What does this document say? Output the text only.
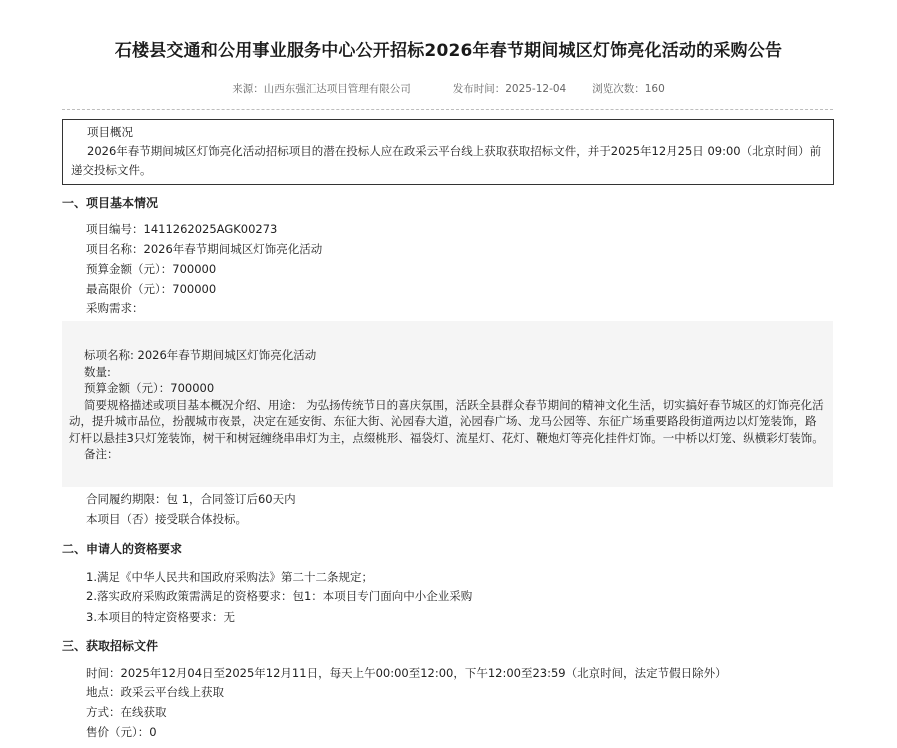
石楼县交通和公用事业服务中心公开招标2026年春节期间城区灯饰亮化活动的采购公告
来源：山西东强汇达项目管理有限公司	发布时间：2025-12-04 浏览次数：160
项目概况
2026年春节期间城区灯饰亮化活动招标项目的潜在投标人应在政采云平台线上获取获取招标文件，并于2025年12月25日 09:00（北京时间）前递交投标文件。
一、项目基本情况
项目编号：1411262025AGK00273
项目名称：2026年春节期间城区灯饰亮化活动
预算金额（元）：700000
最高限价（元）：700000
采购需求：
标项名称: 2026年春节期间城区灯饰亮化活动
数量:
预算金额（元）：700000
简要规格描述或项目基本概况介绍、用途： 为弘扬传统节日的喜庆氛围，活跃全县群众春节期间的精神文化生活，切实搞好春节城区的灯饰亮化活动，提升城市品位，扮靓城市夜景，决定在延安街、东征大街、沁园春大道，沁园春广场、龙马公园等、东征广场重要路段街道两边以灯笼装饰，路灯杆以悬挂3只灯笼装饰，树干和树冠缠绕串串灯为主，点缀桃形、福袋灯、流星灯、花灯、鞭炮灯等亮化挂件灯饰。一中桥以灯笼、纵横彩灯装饰。
备注：
合同履约期限：包 1，合同签订后60天内
本项目（否）接受联合体投标。
二、申请人的资格要求
1.满足《中华人民共和国政府采购法》第二十二条规定；
2.落实政府采购政策需满足的资格要求：包1：本项目专门面向中小企业采购
3.本项目的特定资格要求：无
三、获取招标文件
时间：2025年12月04日至2025年12月11日，每天上午00:00至12:00，下午12:00至23:59（北京时间，法定节假日除外）
地点：政采云平台线上获取
方式：在线获取
售价（元）：0
